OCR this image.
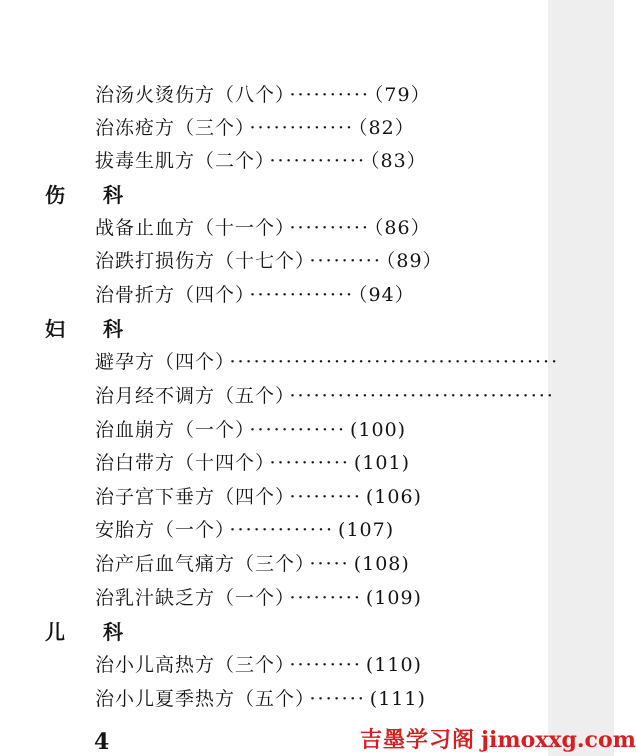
治汤火烫伤方（八个） ·········· （79）
治冻疮方（三个） ············· （82）
拔毒生肌方（二个） ············ （83）
伤 科
战备止血方（十一个） ·········· （86）
治跌打损伤方（十七个） ········· （89）
治骨折方（四个） ············· （94）
妇 科
避孕方（四个） ·········································
治月经不调方（五个） ·································
治血崩方（一个） ············ (100)
治白带方（十四个） ·········· (101)
治子宫下垂方（四个） ········· (106)
安胎方（一个） ············· (107)
治产后血气痛方（三个） ····· (108)
治乳汁缺乏方（一个） ········· (109)
儿 科
治小儿高热方（三个） ········· (110)
治小儿夏季热方（五个） ······· (111)
4	吉墨学习阁 jimoxxg.com
